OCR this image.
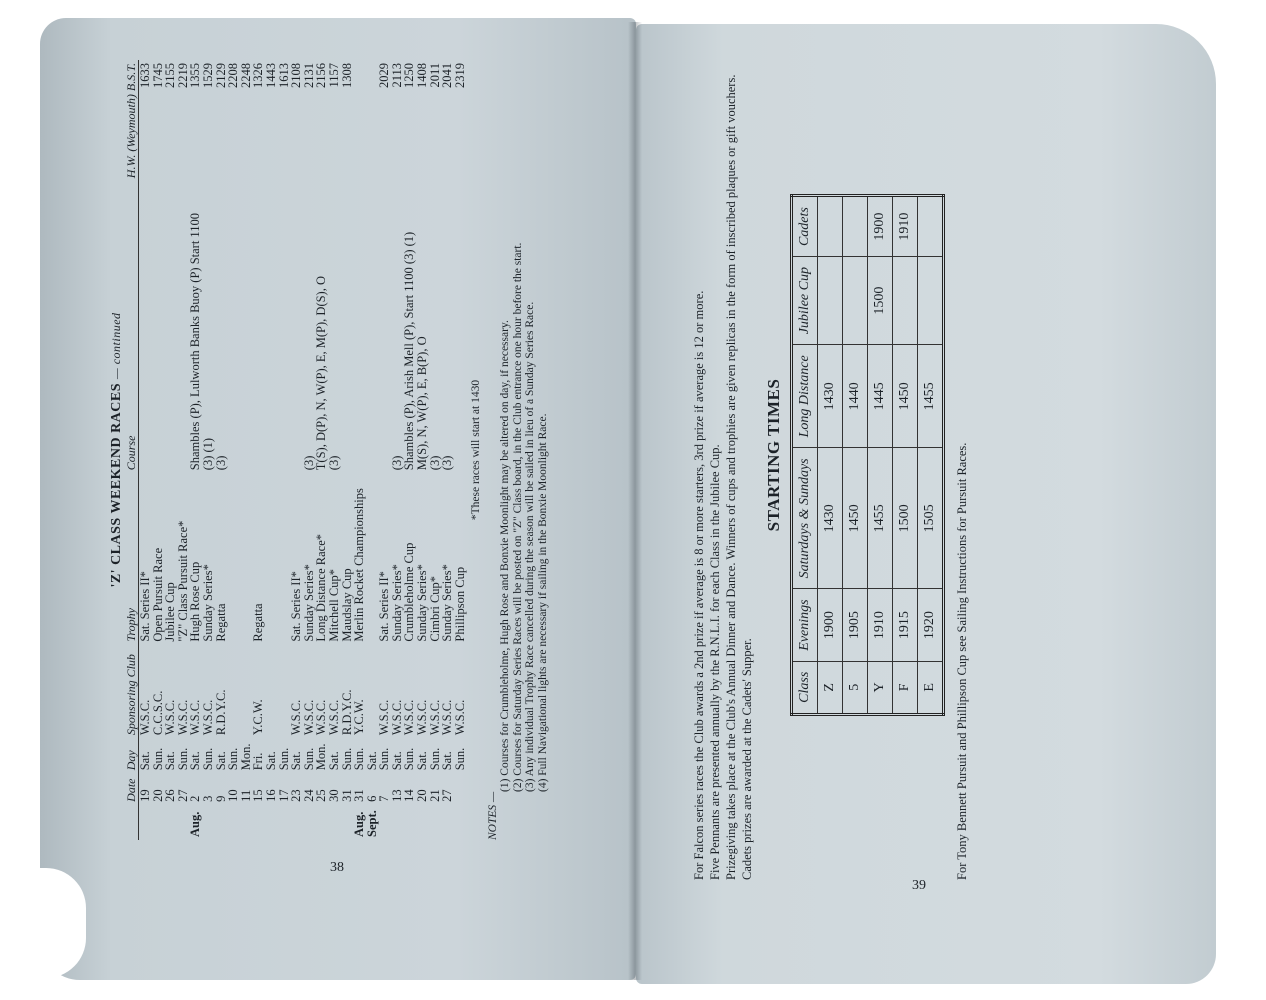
'Z' CLASS WEEKEND RACES — continued
	Date	Day	Sponsoring Club	Trophy	Course	H.W. (Weymouth) B.S.T.
	19	Sat.	W.S.C.	Sat. Series II*		1633
	20	Sun.	C.C.S.C.	Open Pursuit Race		1745
	26	Sat.	W.S.C.	Jubilee Cup		2155
	27	Sun.	W.S.C.	"Z" Class Pursuit Race*		2219
Aug.	2	Sat.	W.S.C.	Hugh Rose Cup	Shambles (P), Lulworth Banks Buoy (P) Start 1100	1355
	3	Sun.	W.S.C.	Sunday Series*	(3) (1)	1529
	9	Sat.	R.D.Y.C.	Regatta	(3)	2129
	10	Sun.				2208
	11	Mon.				2248
	15	Fri.	Y.C.W.	Regatta		1326
	16	Sat.				1443
	17	Sun.				1613
	23	Sat.	W.S.C.	Sat. Series II*		2108
	24	Sun.	W.S.C.	Sunday Series*	(3)	2131
	25	Mon.	W.S.C.	Long Distance Race*	T(S), D(P), N, W(P), E, M(P), D(S), O	2156
	30	Sat.	W.S.C.	Mitchell Cup*	(3)	1157
	31	Sun.	R.D.Y.C.	Maudslay Cup		1308
Aug.	31	Sun.	Y.C.W.	Merlin Rocket Championships		
Sept.	6	Sat.				
	7	Sun.	W.S.C.	Sat. Series II*		2029
	13	Sat.	W.S.C.	Sunday Series*	(3)	2113
	14	Sun.	W.S.C.	Crumbleholme Cup	Shambles (P), Arish Mell (P), Start 1100 (3) (1)	1250
	20	Sat.	W.S.C.	Sunday Series*	M(S), N, W(P), E, B(P), O	1408
	21	Sun.	W.S.C.	Cimbri Cup*	(3)	2011
	27	Sat.	W.S.C.	Sunday Series*	(3)	2041
		Sun.	W.S.C.	Phillipson Cup		2319
*These races will start at 1430
NOTES —
(1) Courses for Crumbleholme, Hugh Rose and Bonxie Moonlight may be altered on day, if necessary. (2) Courses for Saturday Series Races will be posted on "Z" Class board, in the Club entrance one hour before the start. (3) Any individual Trophy Race cancelled during the season will be sailed in lieu of a Sunday Series Race. (4) Full Navigational lights are necessary if sailing in the Bonxie Moonlight Race.
38	For Falcon series races the Club awards a 2nd prize if average is 8 or more starters, 3rd prize if average is 12 or more. Five Pennants are presented annually by the R.N.L.I. for each Class in the Jubilee Cup. Prizegiving takes place at the Club's Annual Dinner and Dance. Winners of cups and trophies are given replicas in the form of inscribed plaques or gift vouchers. Cadets prizes are awarded at the Cadets' Supper.

STARTING TIMES
Class	Evenings	Saturdays & Sundays	Long Distance	Jubilee Cup	Cadets
Z	1900	1430	1430		
5	1905	1450	1440		
Y	1910	1455	1445	1500	1900
F	1915	1500	1450		1910
E	1920	1505	1455		

For Tony Bennett Pursuit and Phillipson Cup see Sailing Instructions for Pursuit Races.

39
